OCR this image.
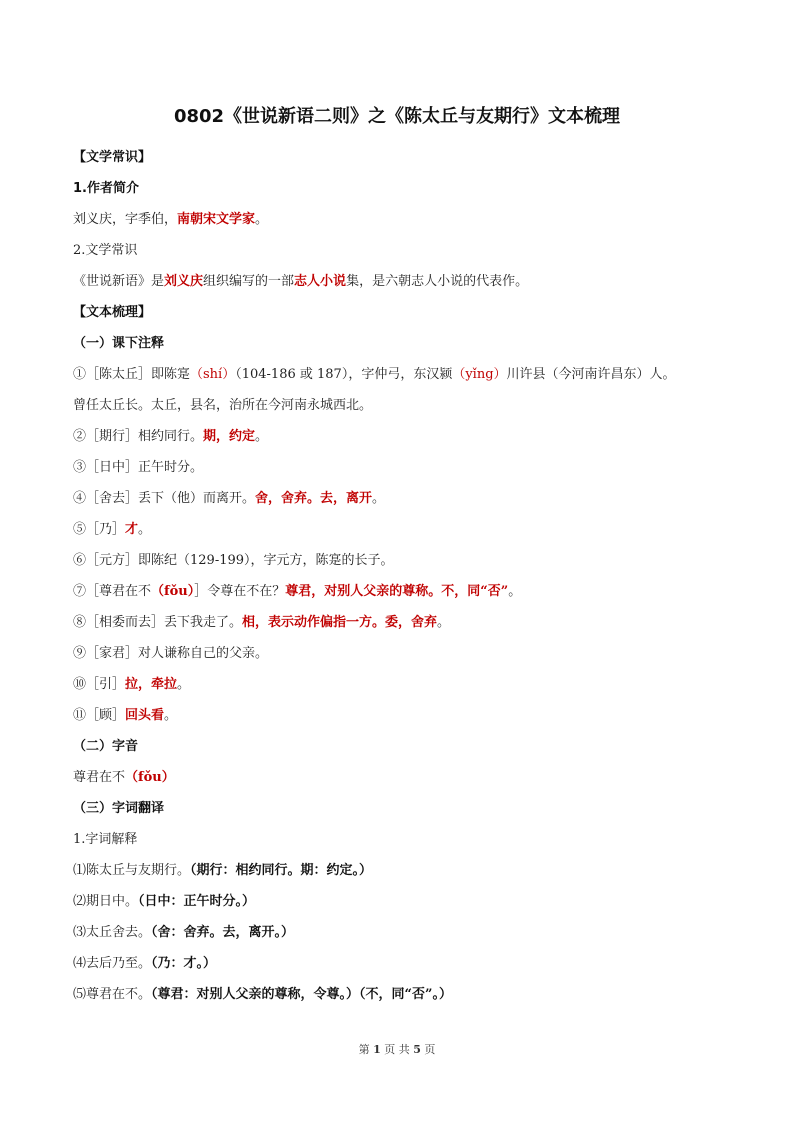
0802《世说新语二则》之《陈太丘与友期行》文本梳理
【文学常识】
1.作者简介
刘义庆，字季伯，南朝宋文学家。
2.文学常识
《世说新语》是刘义庆组织编写的一部志人小说集，是六朝志人小说的代表作。
【文本梳理】
（一）课下注释
①［陈太丘］即陈寔（shí）（104-186 或 187），字仲弓，东汉颍（yǐng）川许县（今河南许昌东）人。
曾任太丘长。太丘，县名，治所在今河南永城西北。
②［期行］相约同行。期，约定。
③［日中］正午时分。
④［舍去］丢下（他）而离开。舍，舍弃。去，离开。
⑤［乃］才。
⑥［元方］即陈纪（129-199），字元方，陈寔的长子。
⑦［尊君在不（fǒu）］令尊在不在？尊君，对别人父亲的尊称。不，同“否”。
⑧［相委而去］丢下我走了。相，表示动作偏指一方。委，舍弃。
⑨［家君］对人谦称自己的父亲。
⑩［引］拉，牵拉。
⑪［顾］回头看。
（二）字音
尊君在不（fǒu）
（三）字词翻译
1.字词解释
⑴陈太丘与友期行。（期行：相约同行。期：约定。）
⑵期日中。（日中：正午时分。）
⑶太丘舍去。（舍：舍弃。去，离开。）
⑷去后乃至。（乃：才。）
⑸尊君在不。（尊君：对别人父亲的尊称，令尊。）（不，同“否”。）
第 1 页 共 5 页
